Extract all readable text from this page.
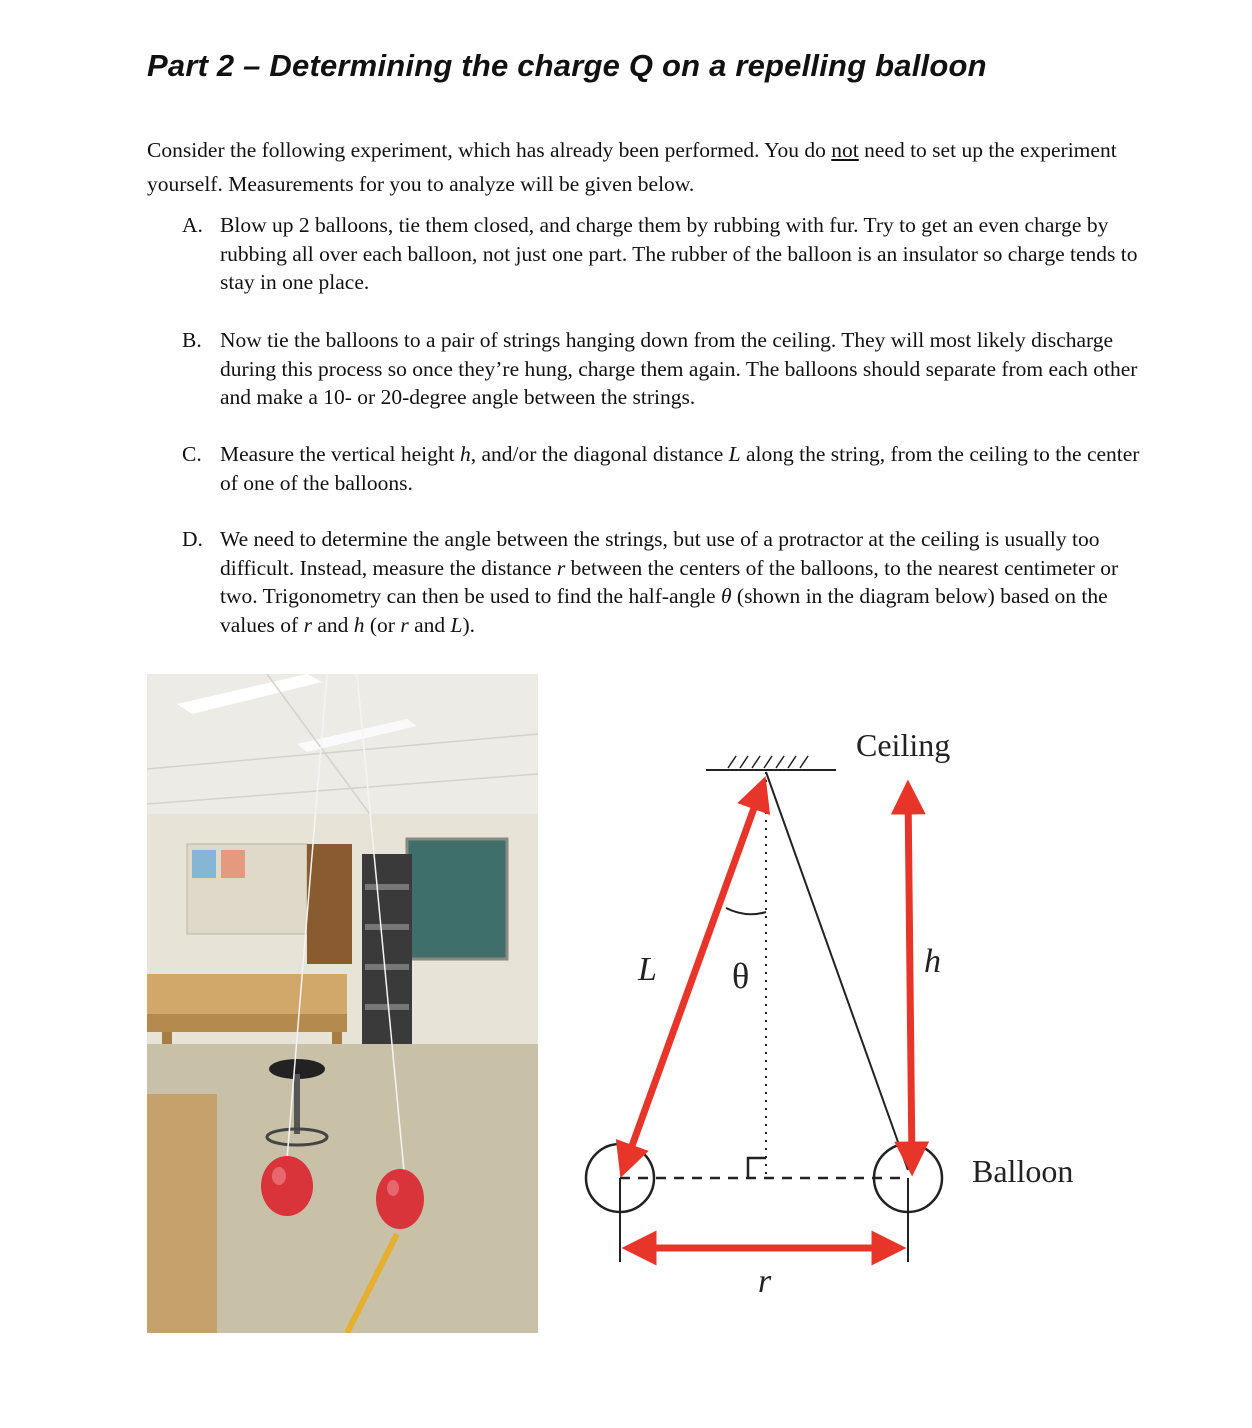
Part 2 – Determining the charge Q on a repelling balloon

Consider the following experiment, which has already been performed. You do not need to set up the experiment yourself. Measurements for you to analyze will be given below.

A. Blow up 2 balloons, tie them closed, and charge them by rubbing with fur. Try to get an even charge by rubbing all over each balloon, not just one part. The rubber of the balloon is an insulator so charge tends to stay in one place.
B. Now tie the balloons to a pair of strings hanging down from the ceiling. They will most likely discharge during this process so once they’re hung, charge them again. The balloons should separate from each other and make a 10- or 20-degree angle between the strings.
C. Measure the vertical height h, and/or the diagonal distance L along the string, from the ceiling to the center of one of the balloons.
D. We need to determine the angle between the strings, but use of a protractor at the ceiling is usually too difficult. Instead, measure the distance r between the centers of the balloons, to the nearest centimeter or two. Trigonometry can then be used to find the half-angle θ (shown in the diagram below) based on the values of r and h (or r and L).
Ceiling
θ
L
Balloon
h
r
